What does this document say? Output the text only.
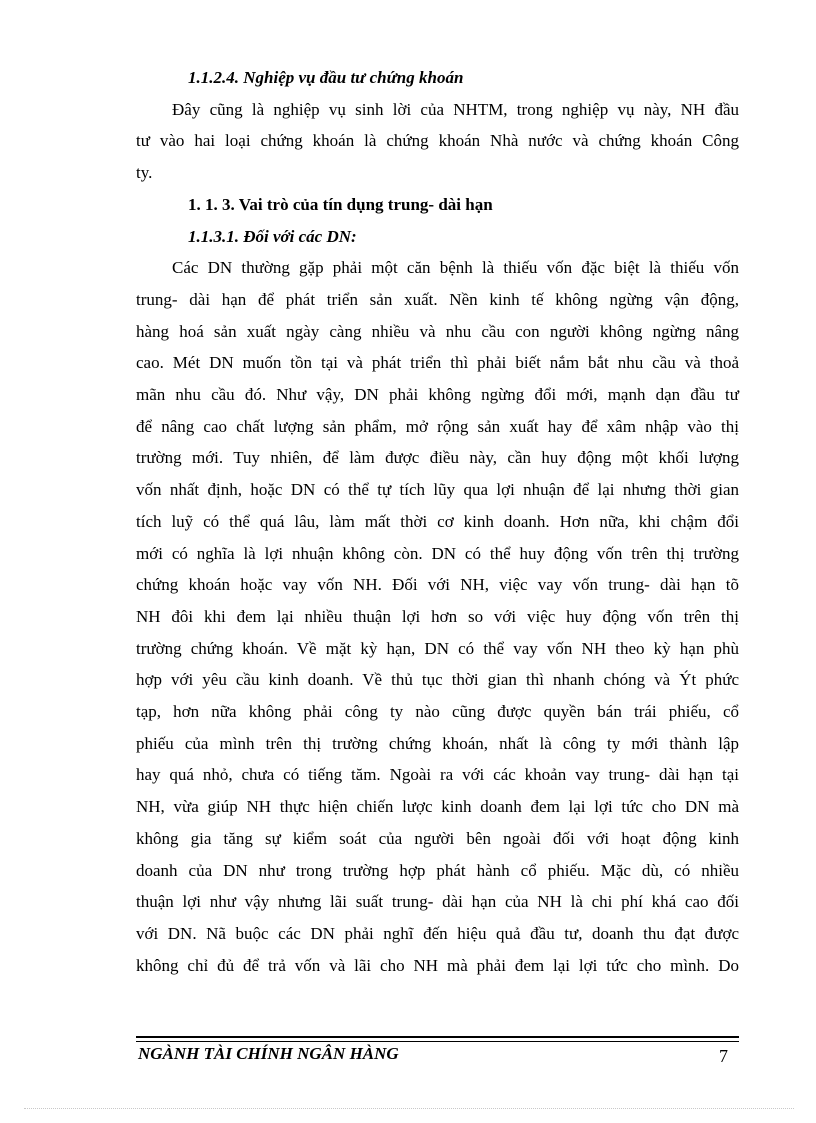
1.1.2.4. Nghiệp vụ đầu tư chứng khoán
Đây cũng là nghiệp vụ sinh lời của NHTM, trong nghiệp vụ này, NH đầu
tư vào hai loại chứng khoán là chứng khoán Nhà nước và chứng khoán Công
ty.
1. 1. 3. Vai trò của tín dụng trung- dài hạn
1.1.3.1. Đối với các DN:
Các DN thường gặp phải một căn bệnh là thiếu vốn đặc biệt là thiếu vốn
trung- dài hạn để phát triển sản xuất. Nền kinh tế không ngừng vận động,
hàng hoá sản xuất ngày càng nhiều và nhu cầu con người không ngừng nâng
cao. Mét DN muốn tồn tại và phát triển thì phải biết nắm bắt nhu cầu và thoả
mãn nhu cầu đó. Như vậy, DN phải không ngừng đổi mới, mạnh dạn đầu tư
để nâng cao chất lượng sản phẩm, mở rộng sản xuất hay để xâm nhập vào thị
trường mới. Tuy nhiên, để làm được điều này, cần huy động một khối lượng
vốn nhất định, hoặc DN có thể tự tích lũy qua lợi nhuận để lại nhưng thời gian
tích luỹ có thể quá lâu, làm mất thời cơ kinh doanh. Hơn nữa, khi chậm đổi
mới có nghĩa là lợi nhuận không còn. DN có thể huy động vốn trên thị trường
chứng khoán hoặc vay vốn NH. Đối với NH, việc vay vốn trung- dài hạn tõ
NH đôi khi đem lại nhiều thuận lợi hơn so với việc huy động vốn trên thị
trường chứng khoán. Về mặt kỳ hạn, DN có thể vay vốn NH theo kỳ hạn phù
hợp với yêu cầu kinh doanh. Về thủ tục thời gian thì nhanh chóng và Ýt phức
tạp, hơn nữa không phải công ty nào cũng được quyền bán trái phiếu, cổ
phiếu của mình trên thị trường chứng khoán, nhất là công ty mới thành lập
hay quá nhỏ, chưa có tiếng tăm. Ngoài ra với các khoản vay trung- dài hạn tại
NH, vừa giúp NH thực hiện chiến lược kinh doanh đem lại lợi tức cho DN mà
không gia tăng sự kiểm soát của người bên ngoài đối với hoạt động kinh
doanh của DN như trong trường hợp phát hành cổ phiếu. Mặc dù, có nhiều
thuận lợi như vậy nhưng lãi suất trung- dài hạn của NH là chi phí khá cao đối
với DN. Nã buộc các DN phải nghĩ đến hiệu quả đầu tư, doanh thu đạt được
không chỉ đủ để trả vốn và lãi cho NH mà phải đem lại lợi tức cho mình. Do
NGÀNH TÀI CHÍNH NGÂN HÀNG	7
